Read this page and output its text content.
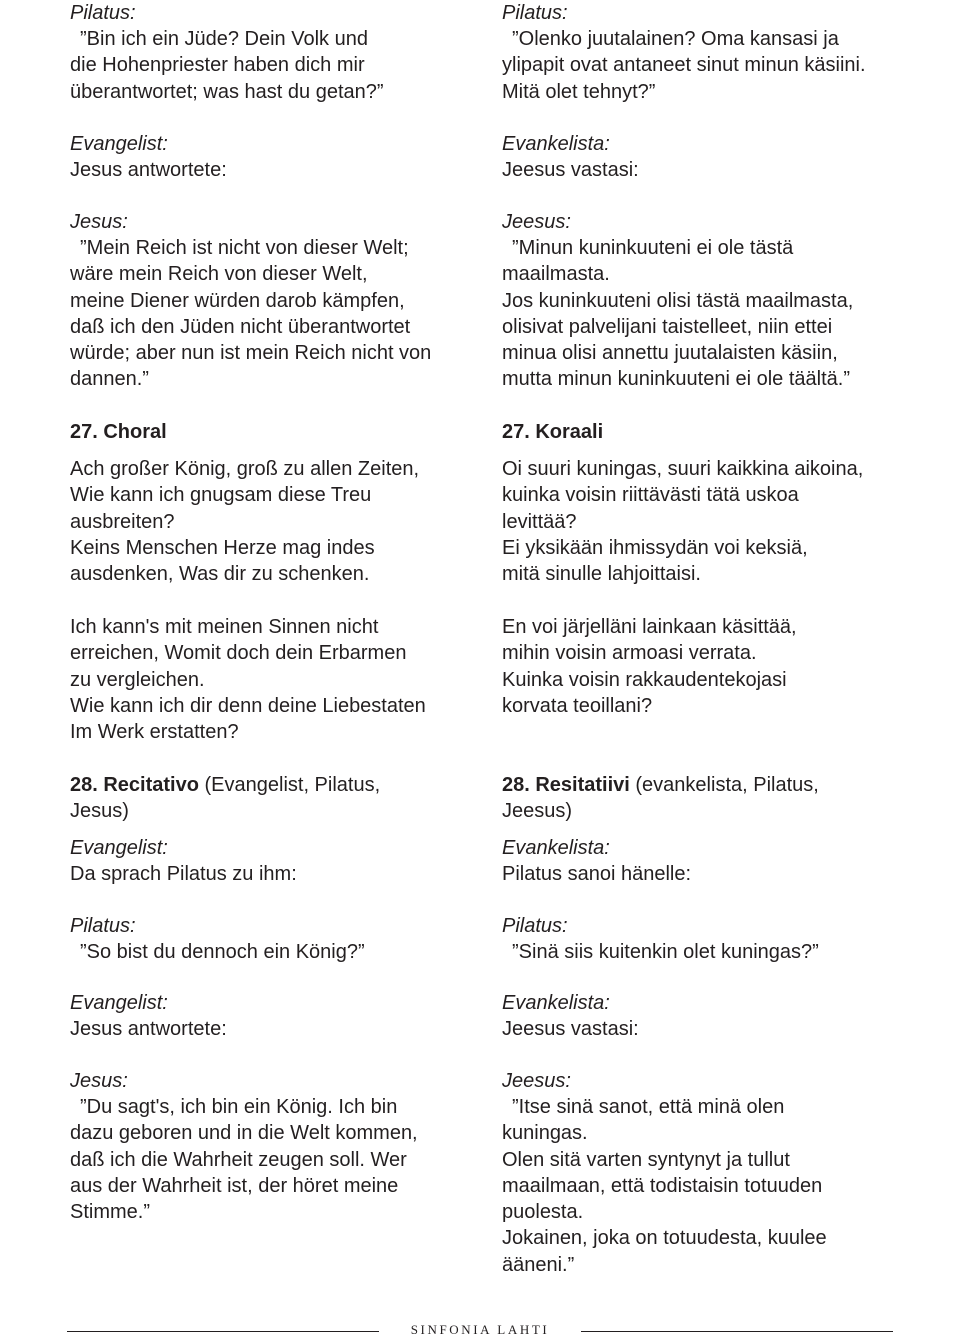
Pilatus:
”Bin ich ein Jüde? Dein Volk und
die Hohenpriester haben dich mir
überantwortet; was hast du getan?”
Evangelist:
Jesus antwortete:
Jesus:
”Mein Reich ist nicht von dieser Welt;
wäre mein Reich von dieser Welt,
meine Diener würden darob kämpfen,
daß ich den Jüden nicht überantwortet
würde; aber nun ist mein Reich nicht von
dannen.”
27. Choral
Ach großer König, groß zu allen Zeiten,
Wie kann ich gnugsam diese Treu
ausbreiten?
Keins Menschen Herze mag indes
ausdenken, Was dir zu schenken.
Ich kann's mit meinen Sinnen nicht
erreichen, Womit doch dein Erbarmen
zu vergleichen.
Wie kann ich dir denn deine Liebestaten
Im Werk erstatten?
28. Recitativo (Evangelist, Pilatus,
Jesus)
Evangelist:
Da sprach Pilatus zu ihm:
Pilatus:
”So bist du dennoch ein König?”
Evangelist:
Jesus antwortete:
Jesus:
”Du sagt's, ich bin ein König. Ich bin
dazu geboren und in die Welt kommen,
daß ich die Wahrheit zeugen soll. Wer
aus der Wahrheit ist, der höret meine
Stimme.”
Pilatus:
”Olenko juutalainen? Oma kansasi ja
ylipapit ovat antaneet sinut minun käsiini.
Mitä olet tehnyt?”
Evankelista:
Jeesus vastasi:
Jeesus:
”Minun kuninkuuteni ei ole tästä
maailmasta.
Jos kuninkuuteni olisi tästä maailmasta,
olisivat palvelijani taistelleet, niin ettei
minua olisi annettu juutalaisten käsiin,
mutta minun kuninkuuteni ei ole täältä.”
27. Koraali
Oi suuri kuningas, suuri kaikkina aikoina,
kuinka voisin riittävästi tätä uskoa
levittää?
Ei yksikään ihmissydän voi keksiä,
mitä sinulle lahjoittaisi.
En voi järjelläni lainkaan käsittää,
mihin voisin armoasi verrata.
Kuinka voisin rakkaudentekojasi
korvata teoillani?
28. Resitatiivi (evankelista, Pilatus,
Jeesus)
Evankelista:
Pilatus sanoi hänelle:
Pilatus:
”Sinä siis kuitenkin olet kuningas?”
Evankelista:
Jeesus vastasi:
Jeesus:
”Itse sinä sanot, että minä olen
kuningas.
Olen sitä varten syntynyt ja tullut
maailmaan, että todistaisin totuuden
puolesta.
Jokainen, joka on totuudesta, kuulee
ääneni.”
SINFONIA LAHTI
